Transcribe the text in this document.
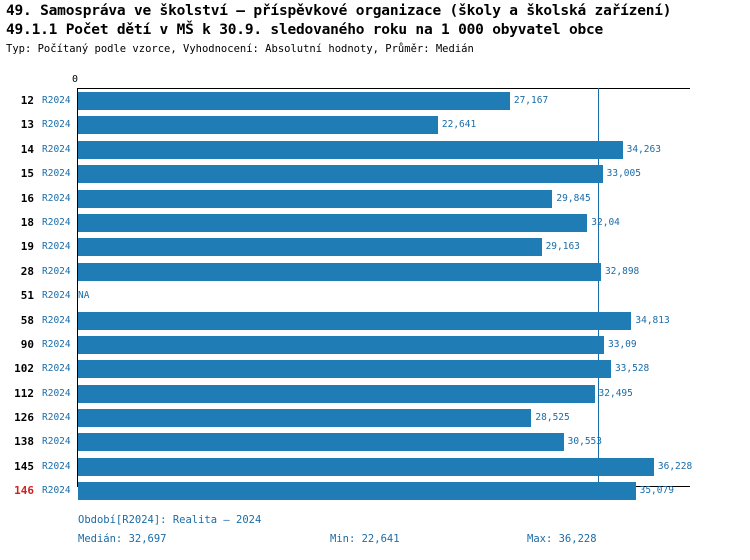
49. Samospráva ve školství – příspěvkové organizace (školy a školská zařízení)
49.1.1 Počet dětí v MŠ k 30.9. sledovaného roku na 1 000 obyvatel obce
Typ: Počítaný podle vzorce, Vyhodnocení: Absolutní hodnoty, Průměr: Medián
0
12 R2024	27,167
13 R2024	22,641
14 R2024	34,263
15 R2024	33,005
16 R2024	29,845
18 R2024	32,04
19 R2024	29,163
28 R2024	32,898
51 R2024 NA
58 R2024	34,813
90 R2024	33,09
102 R2024	33,528
112 R2024	32,495
126 R2024	28,525
138 R2024	30,553
145 R2024	36,228
146 R2024	35,079
Období[R2024]: Realita – 2024
Medián: 32,697	Min: 22,641	Max: 36,228
